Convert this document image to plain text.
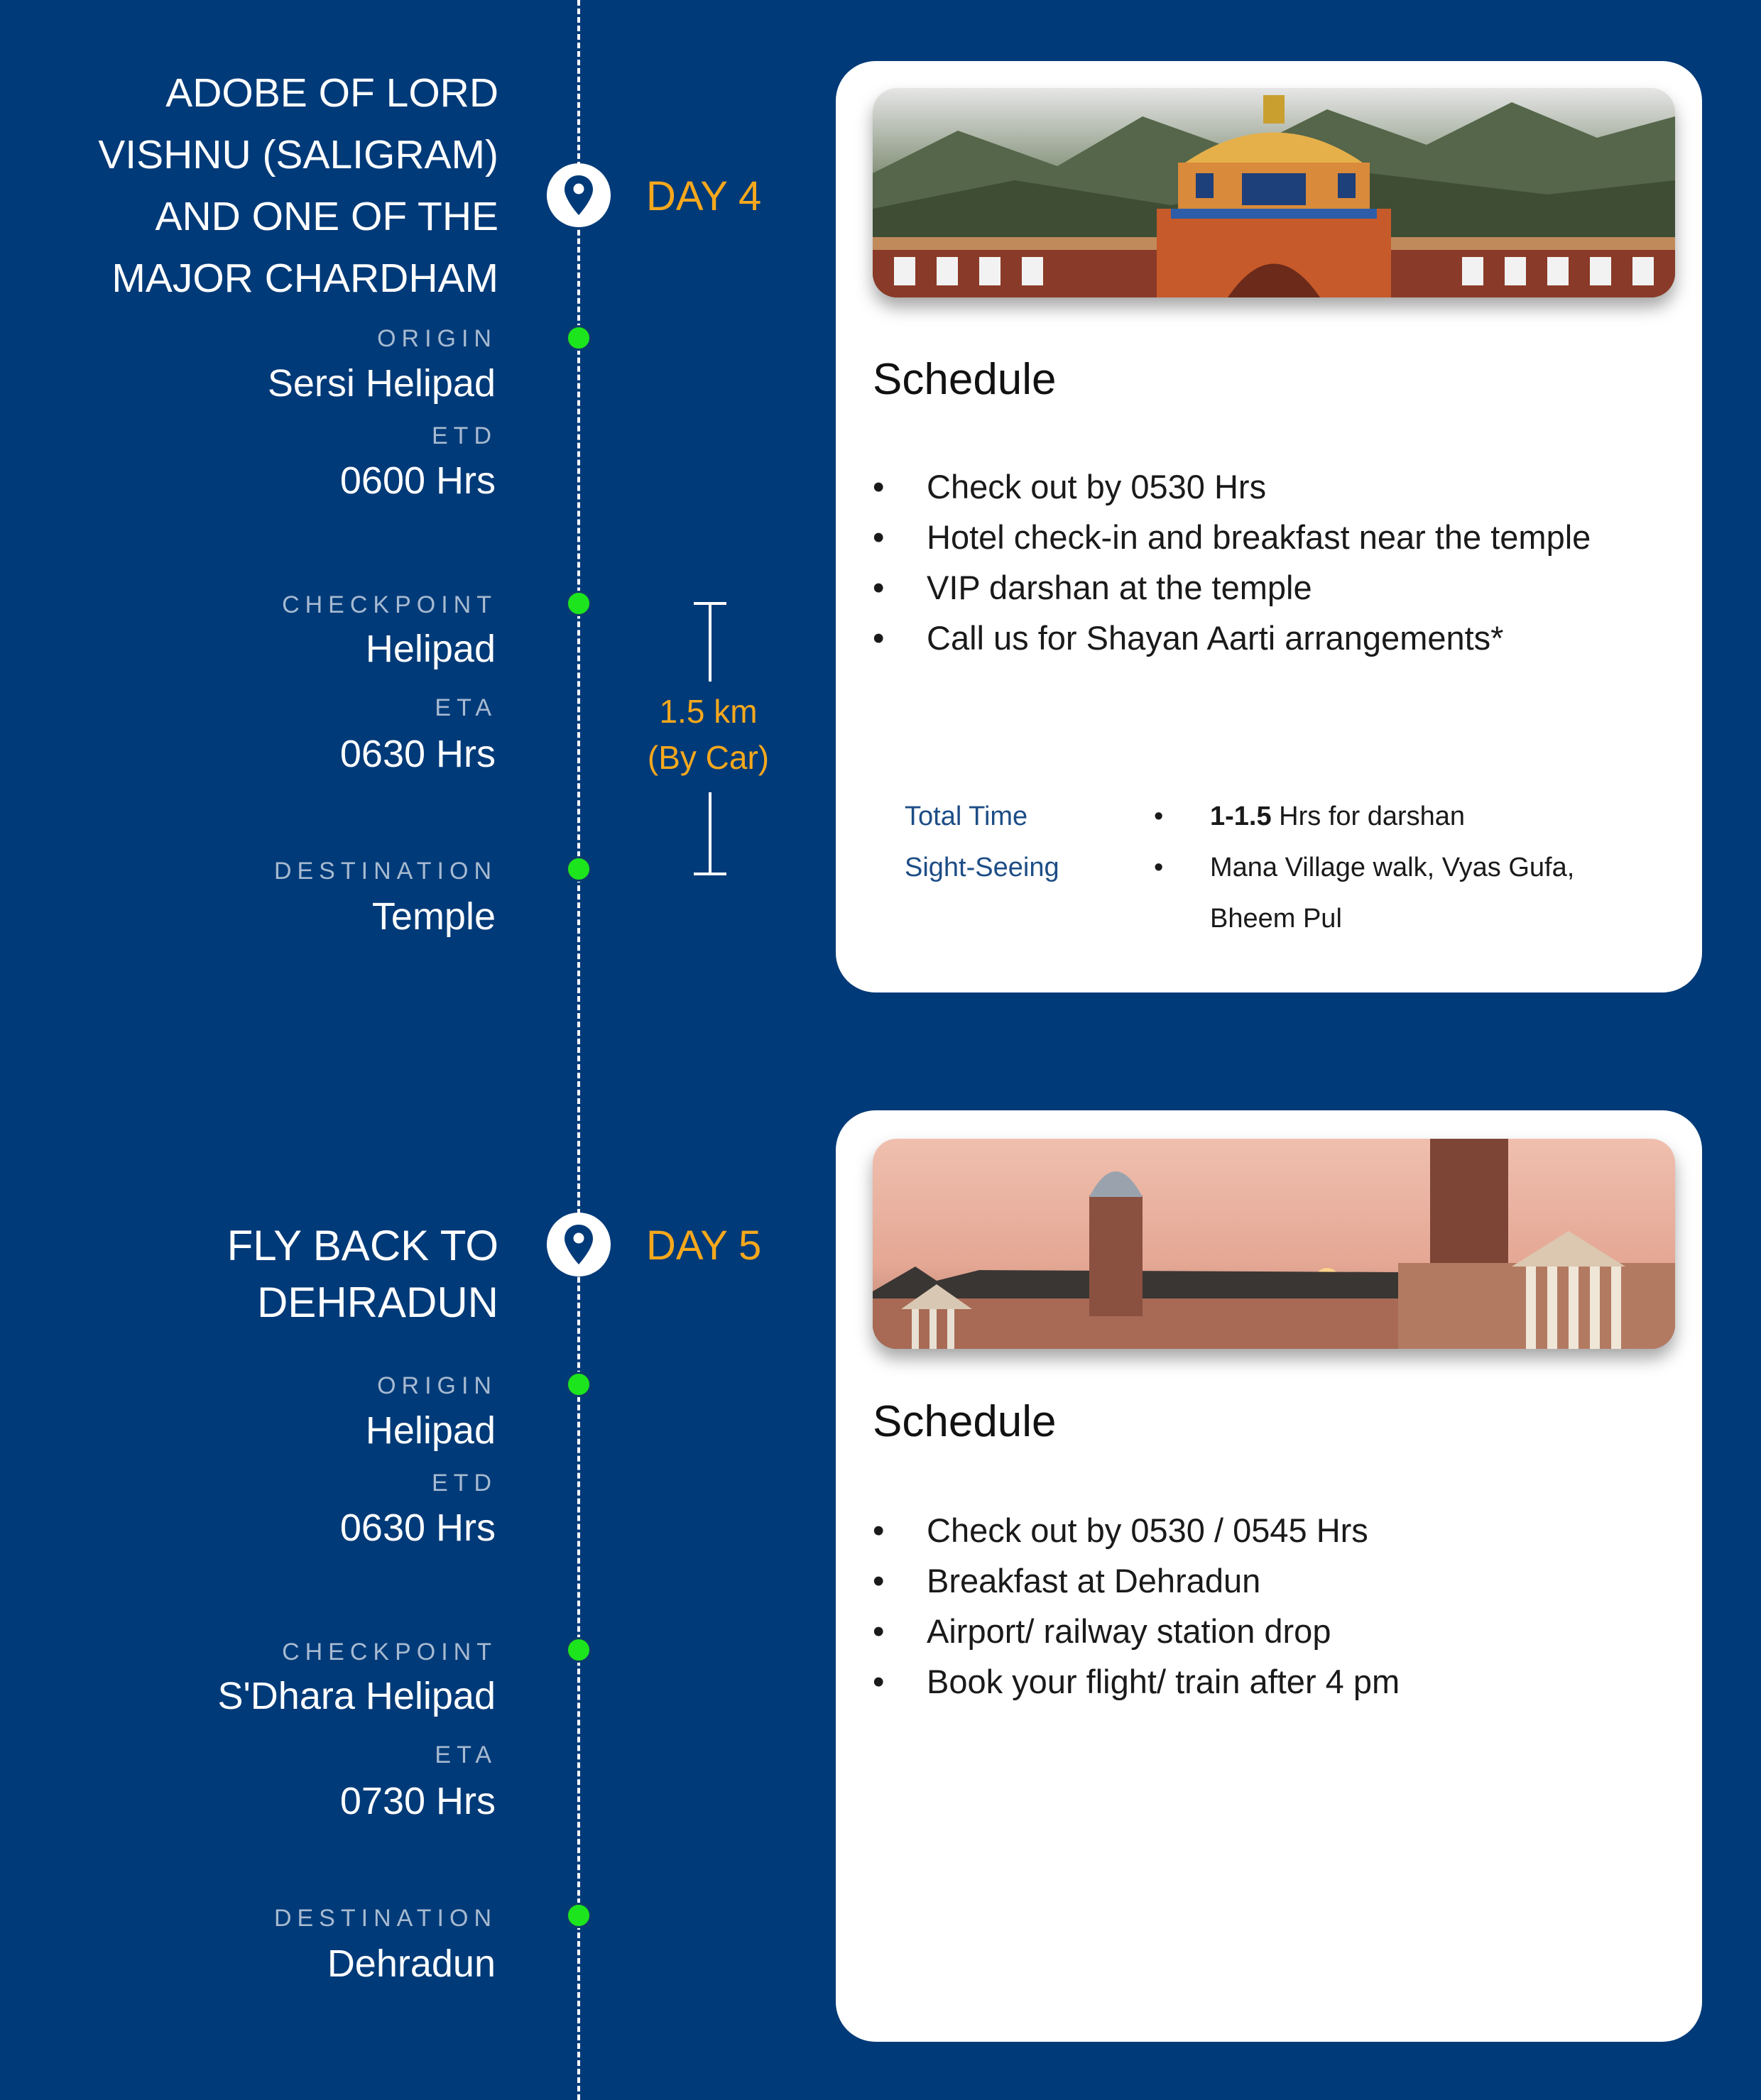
ADOBE OF LORD
VISHNU (SALIGRAM)
AND ONE OF THE
MAJOR CHARDHAM
DAY 4
ORIGIN
Sersi Helipad
ETD
0600 Hrs
CHECKPOINT
Helipad
ETA
0630 Hrs
DESTINATION
Temple
1.5 km
(By Car)
Schedule
• Check out by 0530 Hrs
• Hotel check-in and breakfast near the temple
• VIP darshan at the temple
• Call us for Shayan Aarti arrangements*
Total Time
Sight-Seeing
•
•
1-1.5 Hrs for darshan
Mana Village walk, Vyas Gufa,
Bheem Pul
FLY BACK TO
DEHRADUN
DAY 5
ORIGIN
Helipad
ETD
0630 Hrs
CHECKPOINT
S'Dhara Helipad
ETA
0730 Hrs
DESTINATION
Dehradun
Schedule
• Check out by 0530 / 0545 Hrs
• Breakfast at Dehradun
• Airport/ railway station drop
• Book your flight/ train after 4 pm
